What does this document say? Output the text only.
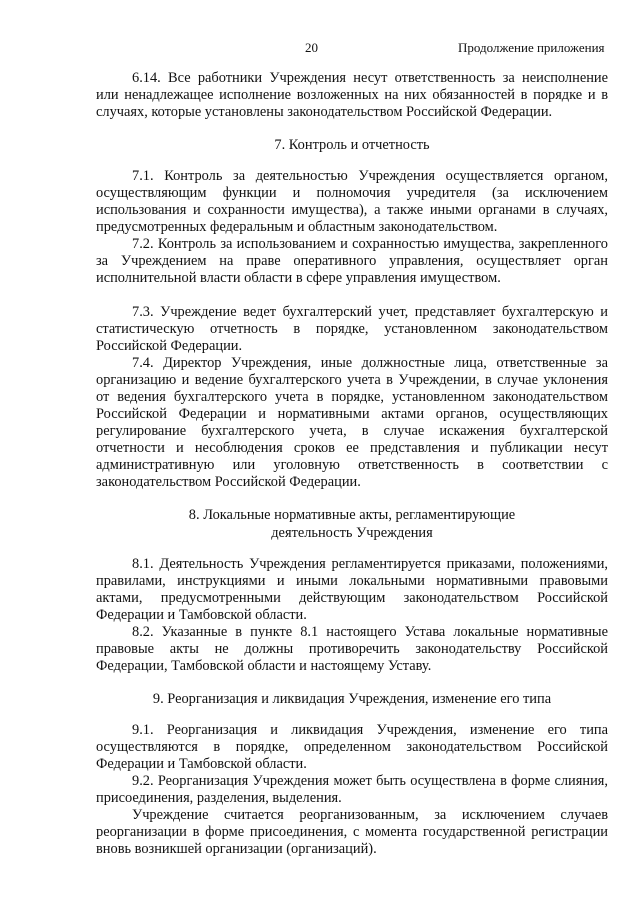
20	Продолжение приложения

6.14. Все работники Учреждения несут ответственность за неисполнение или ненадлежащее исполнение возложенных на них обязанностей в порядке и в случаях, которые установлены законодательством Российской Федерации.

7. Контроль и отчетность

7.1. Контроль за деятельностью Учреждения осуществляется органом, осуществляющим функции и полномочия учредителя (за исключением использования и сохранности имущества), а также иными органами в случаях, предусмотренных федеральным и областным законодательством.

7.2. Контроль за использованием и сохранностью имущества, закрепленного за Учреждением на праве оперативного управления, осуществляет орган исполнительной власти области в сфере управления имуществом.

7.3. Учреждение ведет бухгалтерский учет, представляет бухгалтерскую и статистическую отчетность в порядке, установленном законодательством Российской Федерации.

7.4. Директор Учреждения, иные должностные лица, ответственные за организацию и ведение бухгалтерского учета в Учреждении, в случае уклонения от ведения бухгалтерского учета в порядке, установленном законодательством Российской Федерации и нормативными актами органов, осуществляющих регулирование бухгалтерского учета, в случае искажения бухгалтерской отчетности и несоблюдения сроков ее представления и публикации несут административную или уголовную ответственность в соответствии с законодательством Российской Федерации.

8. Локальные нормативные акты, регламентирующие

деятельность Учреждения

8.1. Деятельность Учреждения регламентируется приказами, положениями, правилами, инструкциями и иными локальными нормативными правовыми актами, предусмотренными действующим законодательством Российской Федерации и Тамбовской области.

8.2. Указанные в пункте 8.1 настоящего Устава локальные нормативные правовые акты не должны противоречить законодательству Российской Федерации, Тамбовской области и настоящему Уставу.

9. Реорганизация и ликвидация Учреждения, изменение его типа

9.1. Реорганизация и ликвидация Учреждения, изменение его типа осуществляются в порядке, определенном законодательством Российской Федерации и Тамбовской области.

9.2. Реорганизация Учреждения может быть осуществлена в форме слияния, присоединения, разделения, выделения.

Учреждение считается реорганизованным, за исключением случаев реорганизации в форме присоединения, с момента государственной регистрации вновь возникшей организации (организаций).
